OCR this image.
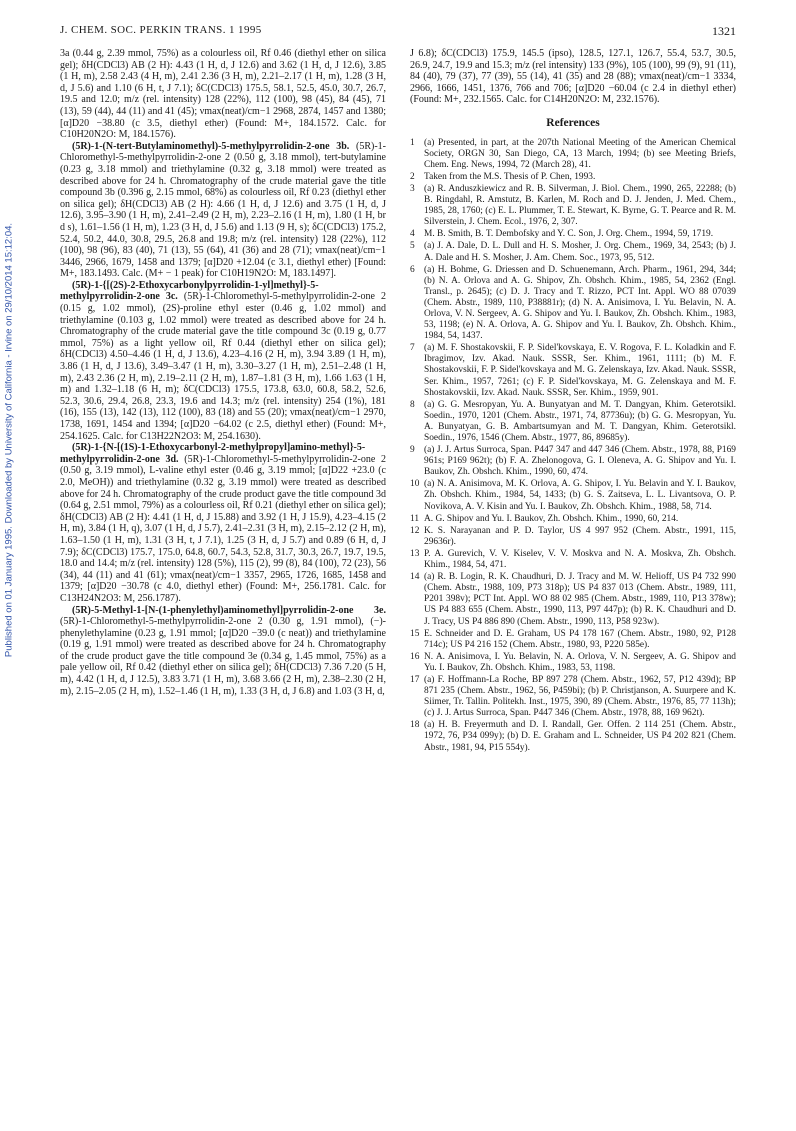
J. CHEM. SOC. PERKIN TRANS. 1 1995	1321
Published on 01 January 1995. Downloaded by University of California - Irvine on 29/10/2014 15:12:04.

3a (0.44 g, 2.39 mmol, 75%) as a colourless oil, Rf 0.46 (diethyl ether on silica gel); δH(CDCl3) AB (2 H): 4.43 (1 H, d, J 12.6) and 3.62 (1 H, d, J 12.6), 3.85 (1 H, m), 2.58 2.43 (4 H, m), 2.41 2.36 (3 H, m), 2.21–2.17 (1 H, m), 1.28 (3 H, d, J 5.6) and 1.10 (6 H, t, J 7.1); δC(CDCl3) 175.5, 58.1, 52.5, 45.0, 30.7, 26.7, 19.5 and 12.0; m/z (rel. intensity) 128 (22%), 112 (100), 98 (45), 84 (45), 71 (13), 59 (44), 44 (11) and 41 (45); νmax(neat)/cm−1 2968, 2874, 1457 and 1380; [α]D20 −38.80 (c 3.5, diethyl ether) (Found: M+, 184.1572. Calc. for C10H20N2O: M, 184.1576).

(5R)-1-(N-tert-Butylaminomethyl)-5-methylpyrrolidin-2-one 3b. (5R)-1-Chloromethyl-5-methylpyrrolidin-2-one 2 (0.50 g, 3.18 mmol), tert-butylamine (0.23 g, 3.18 mmol) and triethylamine (0.32 g, 3.18 mmol) were treated as described above for 24 h. Chromatography of the crude material gave the title compound 3b (0.396 g, 2.15 mmol, 68%) as colourless oil, Rf 0.23 (diethyl ether on silica gel); δH(CDCl3) AB (2 H): 4.66 (1 H, d, J 12.6) and 3.75 (1 H, d, J 12.6), 3.95–3.90 (1 H, m), 2.41–2.49 (2 H, m), 2.23–2.16 (1 H, m), 1.80 (1 H, br d s), 1.61–1.56 (1 H, m), 1.23 (3 H, d, J 5.6) and 1.13 (9 H, s); δC(CDCl3) 175.2, 52.4, 50.2, 44.0, 30.8, 29.5, 26.8 and 19.8; m/z (rel. intensity) 128 (22%), 112 (100), 98 (96), 83 (40), 71 (13), 55 (64), 41 (36) and 28 (71); νmax(neat)/cm−1 3446, 2966, 1679, 1458 and 1379; [α]D20 +12.04 (c 3.1, diethyl ether) [Found: M+, 183.1493. Calc. (M+ − 1 peak) for C10H19N2O: M, 183.1497].

(5R)-1-{[(2S)-2-Ethoxycarbonylpyrrolidin-1-yl]methyl}-5-methylpyrrolidin-2-one 3c. (5R)-1-Chloromethyl-5-methylpyrrolidin-2-one 2 (0.15 g, 1.02 mmol), (2S)-proline ethyl ester (0.46 g, 1.02 mmol) and triethylamine (0.103 g, 1.02 mmol) were treated as described above for 24 h. Chromatography of the crude material gave the title compound 3c (0.19 g, 0.77 mmol, 75%) as a light yellow oil, Rf 0.44 (diethyl ether on silica gel); δH(CDCl3) 4.50–4.46 (1 H, d, J 13.6), 4.23–4.16 (2 H, m), 3.94 3.89 (1 H, m), 3.86 (1 H, d, J 13.6), 3.49–3.47 (1 H, m), 3.30–3.27 (1 H, m), 2.51–2.48 (1 H, m), 2.43 2.36 (2 H, m), 2.19–2.11 (2 H, m), 1.87–1.81 (3 H, m), 1.66 1.63 (1 H, m) and 1.32–1.18 (6 H, m); δC(CDCl3) 175.5, 173.8, 63.0, 60.8, 58.2, 52.6, 52.3, 30.6, 29.4, 26.8, 23.3, 19.6 and 14.3; m/z (rel. intensity) 254 (1%), 181 (16), 155 (13), 142 (13), 112 (100), 83 (18) and 55 (20); νmax(neat)/cm−1 2970, 1738, 1691, 1454 and 1394; [α]D20 −64.02 (c 2.5, diethyl ether) (Found: M+, 254.1625. Calc. for C13H22N2O3: M, 254.1630).

(5R)-1-{N-[(1S)-1-Ethoxycarbonyl-2-methylpropyl]amino-methyl}-5-methylpyrrolidin-2-one 3d. (5R)-1-Chloromethyl-5-methylpyrrolidin-2-one 2 (0.50 g, 3.19 mmol), L-valine ethyl ester (0.46 g, 3.19 mmol; [α]D22 +23.0 (c 2.0, MeOH)) and triethylamine (0.32 g, 3.19 mmol) were treated as described above for 24 h. Chromatography of the crude product gave the title compound 3d (0.64 g, 2.51 mmol, 79%) as a colourless oil, Rf 0.21 (diethyl ether on silica gel); δH(CDCl3) AB (2 H): 4.41 (1 H, d, J 15.88) and 3.92 (1 H, J 15.9), 4.23–4.15 (2 H, m), 3.84 (1 H, q), 3.07 (1 H, d, J 5.7), 2.41–2.31 (3 H, m), 2.15–2.12 (2 H, m), 1.63–1.50 (1 H, m), 1.31 (3 H, t, J 7.1), 1.25 (3 H, d, J 5.7) and 0.89 (6 H, d, J 7.9); δC(CDCl3) 175.7, 175.0, 64.8, 60.7, 54.3, 52.8, 31.7, 30.3, 26.7, 19.7, 19.5, 18.0 and 14.4; m/z (rel. intensity) 128 (5%), 115 (2), 99 (8), 84 (100), 72 (23), 56 (34), 44 (11) and 41 (61); νmax(neat)/cm−1 3357, 2965, 1726, 1685, 1458 and 1379; [α]D20 −30.78 (c 4.0, diethyl ether) (Found: M+, 256.1781. Calc. for C13H24N2O3: M, 256.1787).

(5R)-5-Methyl-1-[N-(1-phenylethyl)aminomethyl]pyrrolidin-2-one 3e. (5R)-1-Chloromethyl-5-methylpyrrolidin-2-one 2 (0.30 g, 1.91 mmol), (−)-phenylethylamine (0.23 g, 1.91 mmol; [α]D20 −39.0 (c neat)) and triethylamine (0.19 g, 1.91 mmol) were treated as described above for 24 h. Chromatography of the crude product gave the title compound 3e (0.34 g, 1.45 mmol, 75%) as a pale yellow oil, Rf 0.42 (diethyl ether on silica gel); δH(CDCl3) 7.36 7.20 (5 H, m), 4.42 (1 H, d, J 12.5), 3.83 3.71 (1 H, m), 3.68 3.66 (2 H, m), 2.38–2.30 (2 H, m), 2.15–2.05 (2 H, m), 1.52–1.46 (1 H, m), 1.33 (3 H, d, J 6.8) and 1.03 (3 H, d,

J 6.8); δC(CDCl3) 175.9, 145.5 (ipso), 128.5, 127.1, 126.7, 55.4, 53.7, 30.5, 26.9, 24.7, 19.9 and 15.3; m/z (rel intensity) 133 (9%), 105 (100), 99 (9), 91 (11), 84 (40), 79 (37), 77 (39), 55 (14), 41 (35) and 28 (88); νmax(neat)/cm−1 3334, 2966, 1666, 1451, 1376, 766 and 706; [α]D20 −60.04 (c 2.4 in diethyl ether) (Found: M+, 232.1565. Calc. for C14H20N2O: M, 232.1576).

References
1 (a) Presented, in part, at the 207th National Meeting of the American Chemical Society, ORGN 30, San Diego, CA, 13 March, 1994; (b) see Meeting Briefs, Chem. Eng. News, 1994, 72 (March 28), 41.
2 Taken from the M.S. Thesis of P. Chen, 1993.
3 (a) R. Anduszkiewicz and R. B. Silverman, J. Biol. Chem., 1990, 265, 22288; (b) B. Ringdahl, R. Amstutz, B. Karlen, M. Roch and D. J. Jenden, J. Med. Chem., 1985, 28, 1760; (c) E. L. Plummer, T. E. Stewart, K. Byrne, G. T. Pearce and R. M. Silverstein, J. Chem. Ecol., 1976, 2, 307.
4 M. B. Smith, B. T. Dembofsky and Y. C. Son, J. Org. Chem., 1994, 59, 1719.
5 (a) J. A. Dale, D. L. Dull and H. S. Mosher, J. Org. Chem., 1969, 34, 2543; (b) J. A. Dale and H. S. Mosher, J. Am. Chem. Soc., 1973, 95, 512.
6 (a) H. Bohme, G. Driessen and D. Schuenemann, Arch. Pharm., 1961, 294, 344; (b) N. A. Orlova and A. G. Shipov, Zh. Obshch. Khim., 1985, 54, 2362 (Engl. Transl., p. 2645); (c) D. J. Tracy and T. Rizzo, PCT Int. Appl. WO 88 07039 (Chem. Abstr., 1989, 110, P38881r); (d) N. A. Anisimova, I. Yu. Belavin, N. A. Orlova, V. N. Sergeev, A. G. Shipov and Yu. I. Baukov, Zh. Obshch. Khim., 1983, 53, 1198; (e) N. A. Orlova, A. G. Shipov and Yu. I. Baukov, Zh. Obshch. Khim., 1984, 54, 1437.
7 (a) M. F. Shostakovskii, F. P. Sidel'kovskaya, E. V. Rogova, F. L. Koladkin and F. Ibragimov, Izv. Akad. Nauk. SSSR, Ser. Khim., 1961, 1111; (b) M. F. Shostakovskii, F. P. Sidel'kovskaya and M. G. Zelenskaya, Izv. Akad. Nauk. SSSR, Ser. Khim., 1957, 7261; (c) F. P. Sidel'kovskaya, M. G. Zelenskaya and M. F. Shostakovskii, Izv. Akad. Nauk. SSSR, Ser. Khim., 1959, 901.
8 (a) G. G. Mesropyan, Yu. A. Bunyatyan and M. T. Dangyan, Khim. Geterotsikl. Soedin., 1970, 1201 (Chem. Abstr., 1971, 74, 87736u); (b) G. G. Mesropyan, Yu. A. Bunyatyan, G. B. Ambartsumyan and M. T. Dangyan, Khim. Geterotsikl. Soedin., 1976, 1546 (Chem. Abstr., 1977, 86, 89685y).
9 (a) J. J. Artus Surroca, Span. P447 347 and 447 346 (Chem. Abstr., 1978, 88, P169 961s; P169 962t); (b) F. A. Zhelonogova, G. I. Oleneva, A. G. Shipov and Yu. I. Baukov, Zh. Obshch. Khim., 1990, 60, 474.
10 (a) N. A. Anisimova, M. K. Orlova, A. G. Shipov, I. Yu. Belavin and Y. I. Baukov, Zh. Obshch. Khim., 1984, 54, 1433; (b) G. S. Zaitseva, L. L. Livantsova, O. P. Novikova, A. V. Kisin and Yu. I. Baukov, Zh. Obshch. Khim., 1988, 58, 714.
11 A. G. Shipov and Yu. I. Baukov, Zh. Obshch. Khim., 1990, 60, 214.
12 K. S. Narayanan and P. D. Taylor, US 4 997 952 (Chem. Abstr., 1991, 115, 29636r).
13 P. A. Gurevich, V. V. Kiselev, V. V. Moskva and N. A. Moskva, Zh. Obshch. Khim., 1984, 54, 471.
14 (a) R. B. Login, R. K. Chaudhuri, D. J. Tracy and M. W. Helioff, US P4 732 990 (Chem. Abstr., 1988, 109, P73 318p); US P4 837 013 (Chem. Abstr., 1989, 111, P201 398v); PCT Int. Appl. WO 88 02 985 (Chem. Abstr., 1989, 110, P13 378w); US P4 883 655 (Chem. Abstr., 1990, 113, P97 447p); (b) R. K. Chaudhuri and D. J. Tracy, US P4 886 890 (Chem. Abstr., 1990, 113, P58 923w).
15 E. Schneider and D. E. Graham, US P4 178 167 (Chem. Abstr., 1980, 92, P128 714c); US P4 216 152 (Chem. Abstr., 1980, 93, P220 585e).
16 N. A. Anisimova, I. Yu. Belavin, N. A. Orlova, V. N. Sergeev, A. G. Shipov and Yu. I. Baukov, Zh. Obshch. Khim., 1983, 53, 1198.
17 (a) F. Hoffmann-La Roche, BP 897 278 (Chem. Abstr., 1962, 57, P12 439d); BP 871 235 (Chem. Abstr., 1962, 56, P459bi); (b) P. Christjanson, A. Suurpere and K. Siimer, Tr. Tallin. Politekh. Inst., 1975, 390, 89 (Chem. Abstr., 1976, 85, 77 113h); (c) J. J. Artus Surroca, Span. P447 346 (Chem. Abstr., 1978, 88, 169 962t).
18 (a) H. B. Freyermuth and D. I. Randall, Ger. Offen. 2 114 251 (Chem. Abstr., 1972, 76, P34 099y); (b) D. E. Graham and L. Schneider, US P4 202 821 (Chem. Abstr., 1981, 94, P15 554y).
